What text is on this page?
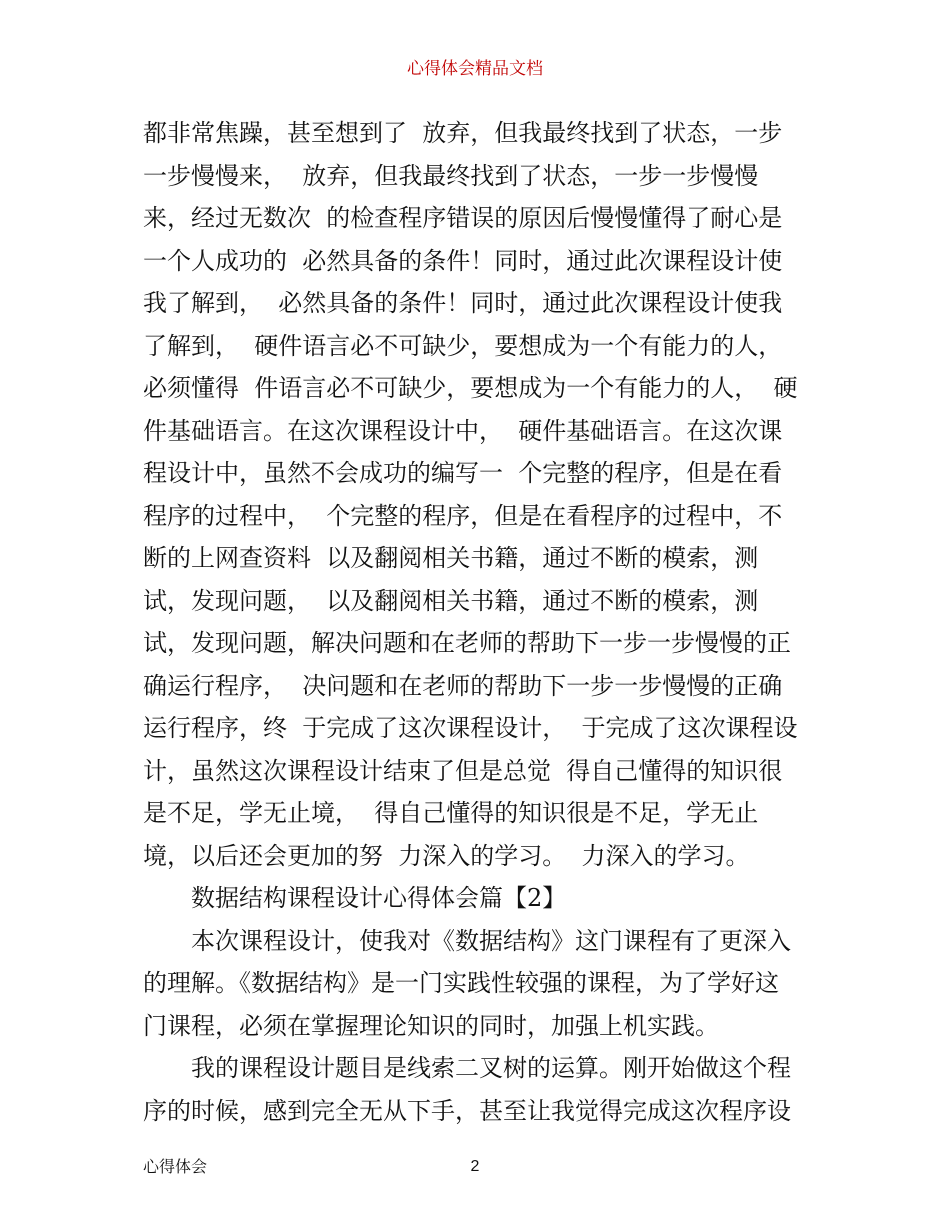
心得体会精品文档
都非常焦躁，甚至想到了  放弃，但我最终找到了状态，一步
一步慢慢来，  放弃，但我最终找到了状态，一步一步慢慢
来，经过无数次  的检查程序错误的原因后慢慢懂得了耐心是
一个人成功的  必然具备的条件！同时，通过此次课程设计使
我了解到，  必然具备的条件！同时，通过此次课程设计使我
了解到，  硬件语言必不可缺少，要想成为一个有能力的人，
必须懂得  件语言必不可缺少，要想成为一个有能力的人，  硬
件基础语言。在这次课程设计中，  硬件基础语言。在这次课
程设计中，虽然不会成功的编写一  个完整的程序，但是在看
程序的过程中，  个完整的程序，但是在看程序的过程中，不
断的上网查资料  以及翻阅相关书籍，通过不断的模索，测
试，发现问题，  以及翻阅相关书籍，通过不断的模索，测
试，发现问题，解决问题和在老师的帮助下一步一步慢慢的正
确运行程序，  决问题和在老师的帮助下一步一步慢慢的正确
运行程序，终  于完成了这次课程设计，  于完成了这次课程设
计，虽然这次课程设计结束了但是总觉  得自己懂得的知识很
是不足，学无止境，  得自己懂得的知识很是不足，学无止
境，以后还会更加的努  力深入的学习。  力深入的学习。
数据结构课程设计心得体会篇【2】
本次课程设计，使我对《数据结构》这门课程有了更深入
的理解。《数据结构》是一门实践性较强的课程，为了学好这
门课程，必须在掌握理论知识的同时，加强上机实践。
我的课程设计题目是线索二叉树的运算。刚开始做这个程
序的时候，感到完全无从下手，甚至让我觉得完成这次程序设
心得体会	2
